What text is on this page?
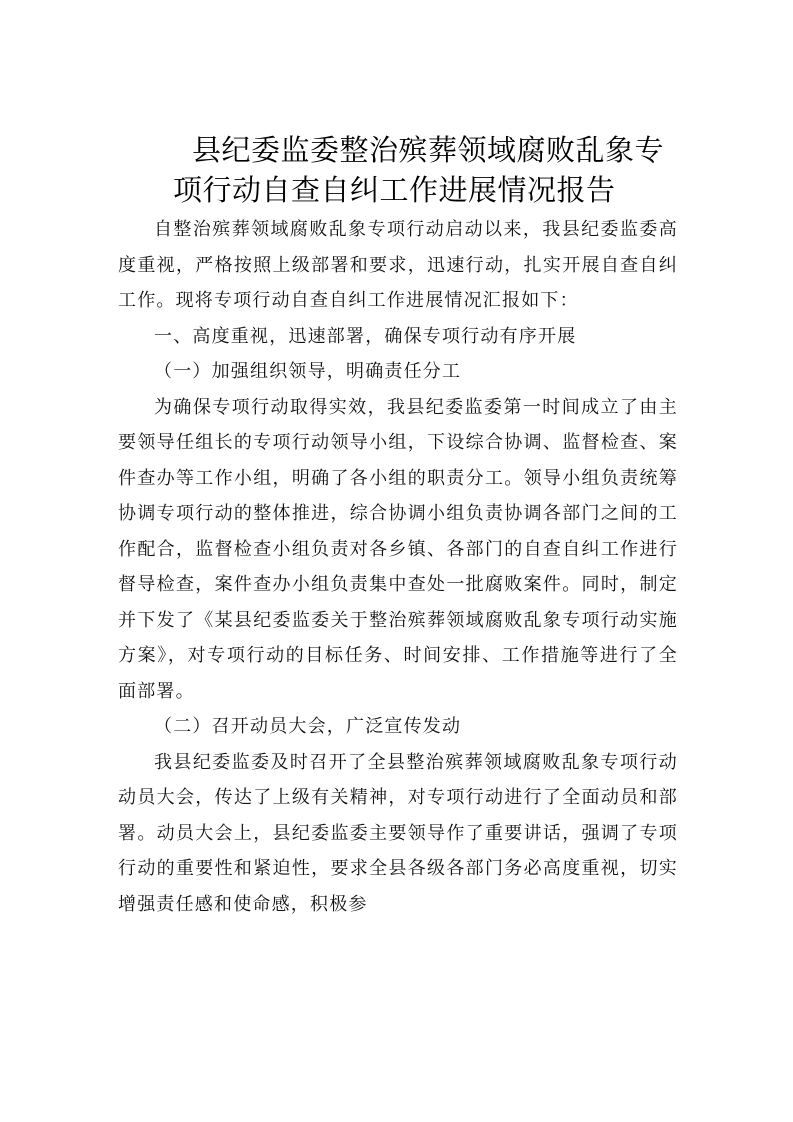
县纪委监委整治殡葬领域腐败乱象专
项行动自查自纠工作进展情况报告

自整治殡葬领域腐败乱象专项行动启动以来，我县纪委监委高度重视，严格按照上级部署和要求，迅速行动，扎实开展自查自纠工作。现将专项行动自查自纠工作进展情况汇报如下：

一、高度重视，迅速部署，确保专项行动有序开展

（一）加强组织领导，明确责任分工

为确保专项行动取得实效，我县纪委监委第一时间成立了由主要领导任组长的专项行动领导小组，下设综合协调、监督检查、案件查办等工作小组，明确了各小组的职责分工。领导小组负责统筹协调专项行动的整体推进，综合协调小组负责协调各部门之间的工作配合，监督检查小组负责对各乡镇、各部门的自查自纠工作进行督导检查，案件查办小组负责集中查处一批腐败案件。同时，制定并下发了《某县纪委监委关于整治殡葬领域腐败乱象专项行动实施方案》，对专项行动的目标任务、时间安排、工作措施等进行了全面部署。

（二）召开动员大会，广泛宣传发动

我县纪委监委及时召开了全县整治殡葬领域腐败乱象专项行动动员大会，传达了上级有关精神，对专项行动进行了全面动员和部署。动员大会上，县纪委监委主要领导作了重要讲话，强调了专项行动的重要性和紧迫性，要求全县各级各部门务必高度重视，切实增强责任感和使命感，积极参
